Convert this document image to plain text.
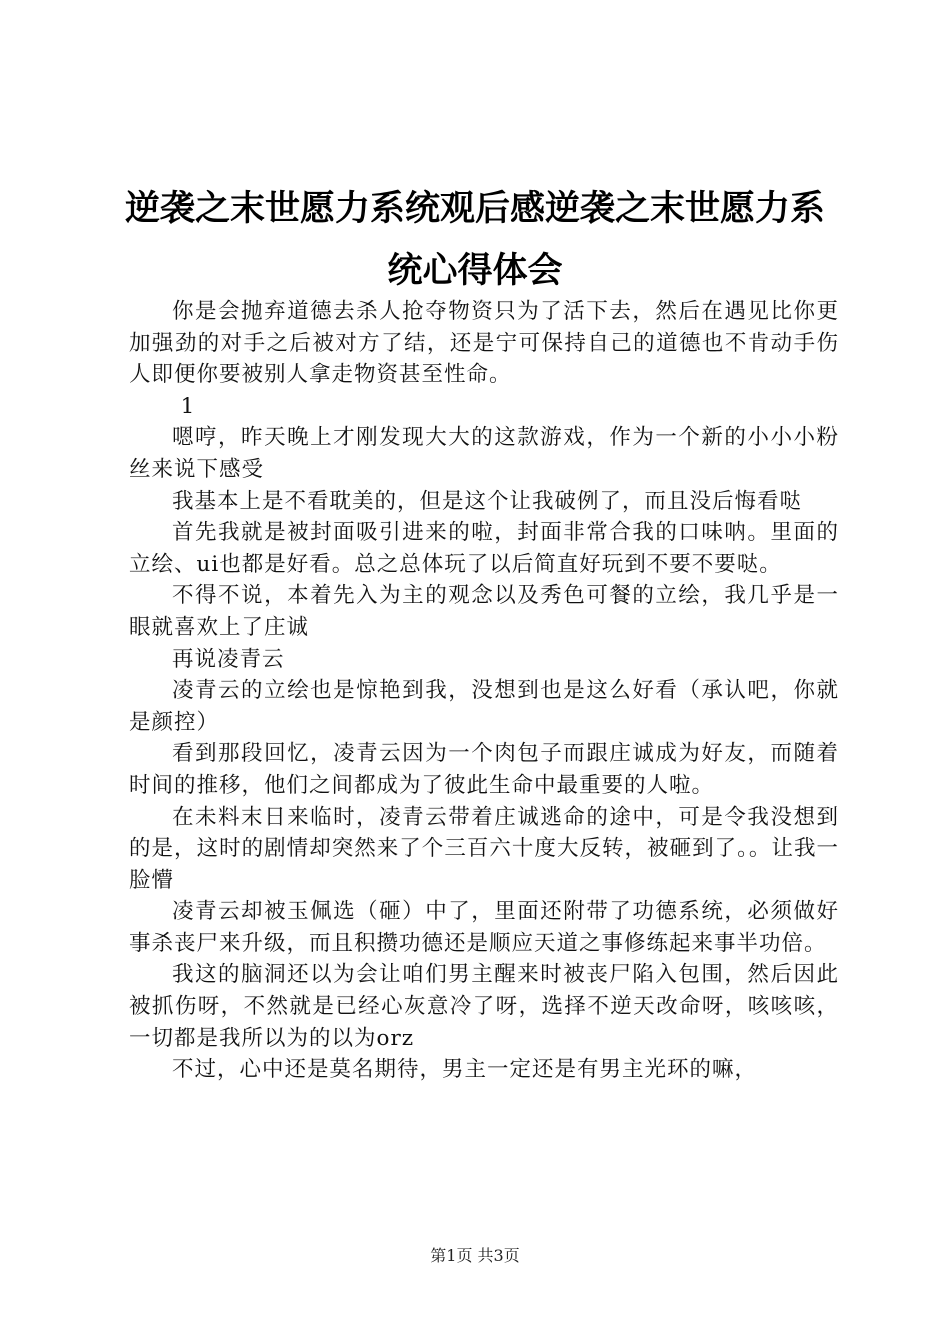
逆袭之末世愿力系统观后感逆袭之末世愿力系统心得体会

你是会抛弃道德去杀人抢夺物资只为了活下去，然后在遇见比你更加强劲的对手之后被对方了结，还是宁可保持自己的道德也不肯动手伤人即便你要被别人拿走物资甚至性命。

1

嗯哼，昨天晚上才刚发现大大的这款游戏，作为一个新的小小小粉丝来说下感受

我基本上是不看耽美的，但是这个让我破例了，而且没后悔看哒

首先我就是被封面吸引进来的啦，封面非常合我的口味呐。里面的立绘、ui也都是好看。总之总体玩了以后简直好玩到不要不要哒。

不得不说，本着先入为主的观念以及秀色可餐的立绘，我几乎是一眼就喜欢上了庄诚

再说凌青云

凌青云的立绘也是惊艳到我，没想到也是这么好看（承认吧，你就是颜控）

看到那段回忆，凌青云因为一个肉包子而跟庄诚成为好友，而随着时间的推移，他们之间都成为了彼此生命中最重要的人啦。

在未料末日来临时，凌青云带着庄诚逃命的途中，可是令我没想到的是，这时的剧情却突然来了个三百六十度大反转，被砸到了。。让我一脸懵

凌青云却被玉佩选（砸）中了，里面还附带了功德系统，必须做好事杀丧尸来升级，而且积攒功德还是顺应天道之事修练起来事半功倍。

我这的脑洞还以为会让咱们男主醒来时被丧尸陷入包围，然后因此被抓伤呀，不然就是已经心灰意冷了呀，选择不逆天改命呀，咳咳咳，一切都是我所以为的以为orz

不过，心中还是莫名期待，男主一定还是有男主光环的嘛，

第1页 共3页
